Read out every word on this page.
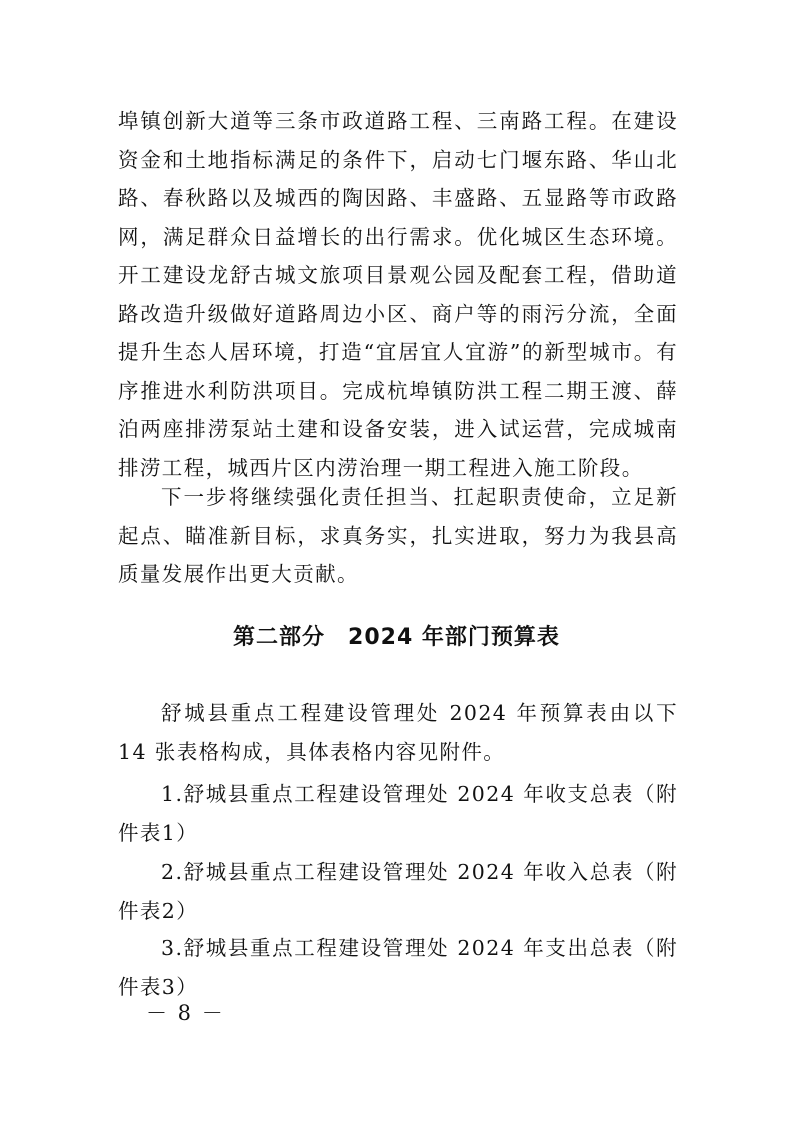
埠镇创新大道等三条市政道路工程、三南路工程。在建设资金和土地指标满足的条件下，启动七门堰东路、华山北路、春秋路以及城西的陶因路、丰盛路、五显路等市政路网，满足群众日益增长的出行需求。优化城区生态环境。开工建设龙舒古城文旅项目景观公园及配套工程，借助道路改造升级做好道路周边小区、商户等的雨污分流，全面提升生态人居环境，打造“宜居宜人宜游”的新型城市。有序推进水利防洪项目。完成杭埠镇防洪工程二期王渡、薛泊两座排涝泵站土建和设备安装，进入试运营，完成城南排涝工程，城西片区内涝治理一期工程进入施工阶段。

下一步将继续强化责任担当、扛起职责使命，立足新起点、瞄准新目标，求真务实，扎实进取，努力为我县高质量发展作出更大贡献。

第二部分　2024 年部门预算表

舒城县重点工程建设管理处 2024 年预算表由以下 14 张表格构成，具体表格内容见附件。

1.舒城县重点工程建设管理处 2024 年收支总表（附件表1）

2.舒城县重点工程建设管理处 2024 年收入总表（附件表2）

3.舒城县重点工程建设管理处 2024 年支出总表（附件表3）

－ 8 －
